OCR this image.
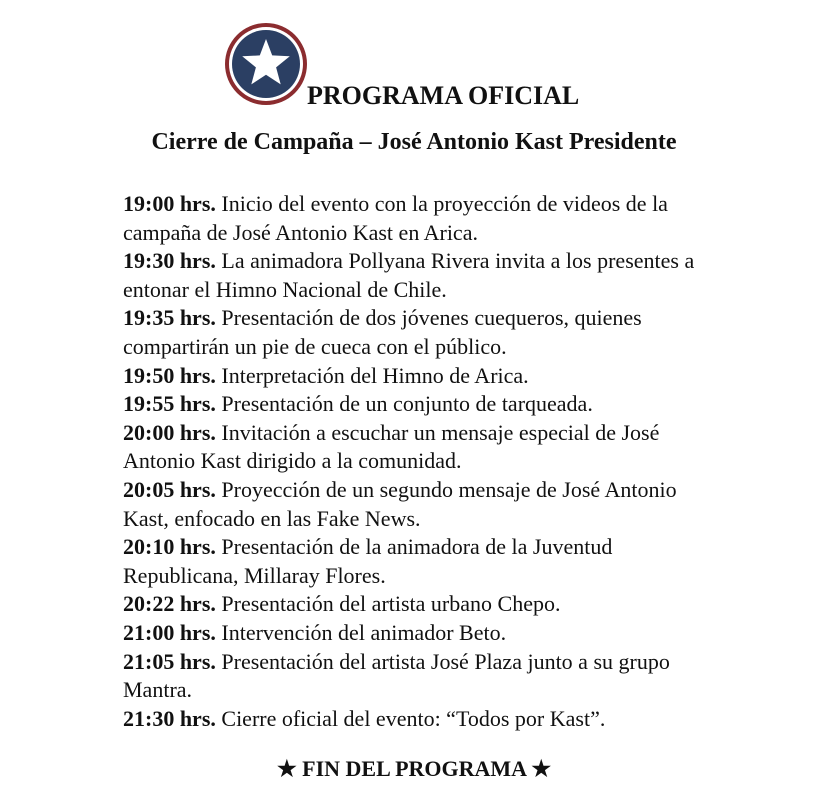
PROGRAMA OFICIAL
Cierre de Campaña – José Antonio Kast Presidente
19:00 hrs. Inicio del evento con la proyección de videos de la campaña de José Antonio Kast en Arica.
19:30 hrs. La animadora Pollyana Rivera invita a los presentes a entonar el Himno Nacional de Chile.
19:35 hrs. Presentación de dos jóvenes cuequeros, quienes compartirán un pie de cueca con el público.
19:50 hrs. Interpretación del Himno de Arica.
19:55 hrs. Presentación de un conjunto de tarqueada.
20:00 hrs. Invitación a escuchar un mensaje especial de José Antonio Kast dirigido a la comunidad.
20:05 hrs. Proyección de un segundo mensaje de José Antonio Kast, enfocado en las Fake News.
20:10 hrs. Presentación de la animadora de la Juventud Republicana, Millaray Flores.
20:22 hrs. Presentación del artista urbano Chepo.
21:00 hrs. Intervención del animador Beto.
21:05 hrs. Presentación del artista José Plaza junto a su grupo Mantra.
21:30 hrs. Cierre oficial del evento: “Todos por Kast”.

★ FIN DEL PROGRAMA ★
